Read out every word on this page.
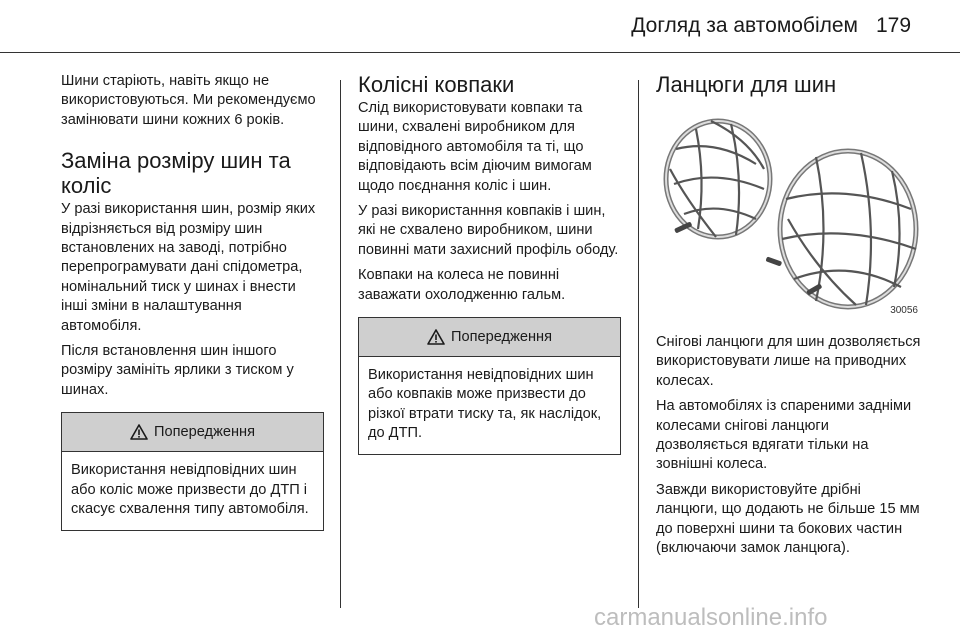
Догляд за автомобілем 179

Шини старіють, навіть якщо не використовуються. Ми рекомендуємо замінювати шини кожних 6 років.

Заміна розміру шин та коліс

У разі використання шин, розмір яких відрізняється від розміру шин встановлених на заводі, потрібно перепрограмувати дані спідометра, номінальний тиск у шинах і внести інші зміни в налаштування автомобіля.

Після встановлення шин іншого розміру замініть ярлики з тиском у шинах.

Попередження

Використання невідповідних шин або коліс може призвести до ДТП і скасує схвалення типу автомобіля.

Колісні ковпаки

Слід використовувати ковпаки та шини, схвалені виробником для відповідного автомобіля та ті, що відповідають всім діючим вимогам щодо поєднання коліс і шин.

У разі використанння ковпаків і шин, які не схвалено виробником, шини повинні мати захисний профіль ободу.

Ковпаки на колеса не повинні заважати охолодженню гальм.

Попередження

Використання невідповідних шин або ковпаків може призвести до різкої втрати тиску та, як наслідок, до ДТП.

Ланцюги для шин
30056

Снігові ланцюги для шин дозволяється використовувати лише на приводних колесах.

На автомобілях із спареними задніми колесами снігові ланцюги дозволяється вдягати тільки на зовнішні колеса.

Завжди використовуйте дрібні ланцюги, що додають не більше 15 мм до поверхні шини та бокових частин (включаючи замок ланцюга).

carmanualsonline.info
